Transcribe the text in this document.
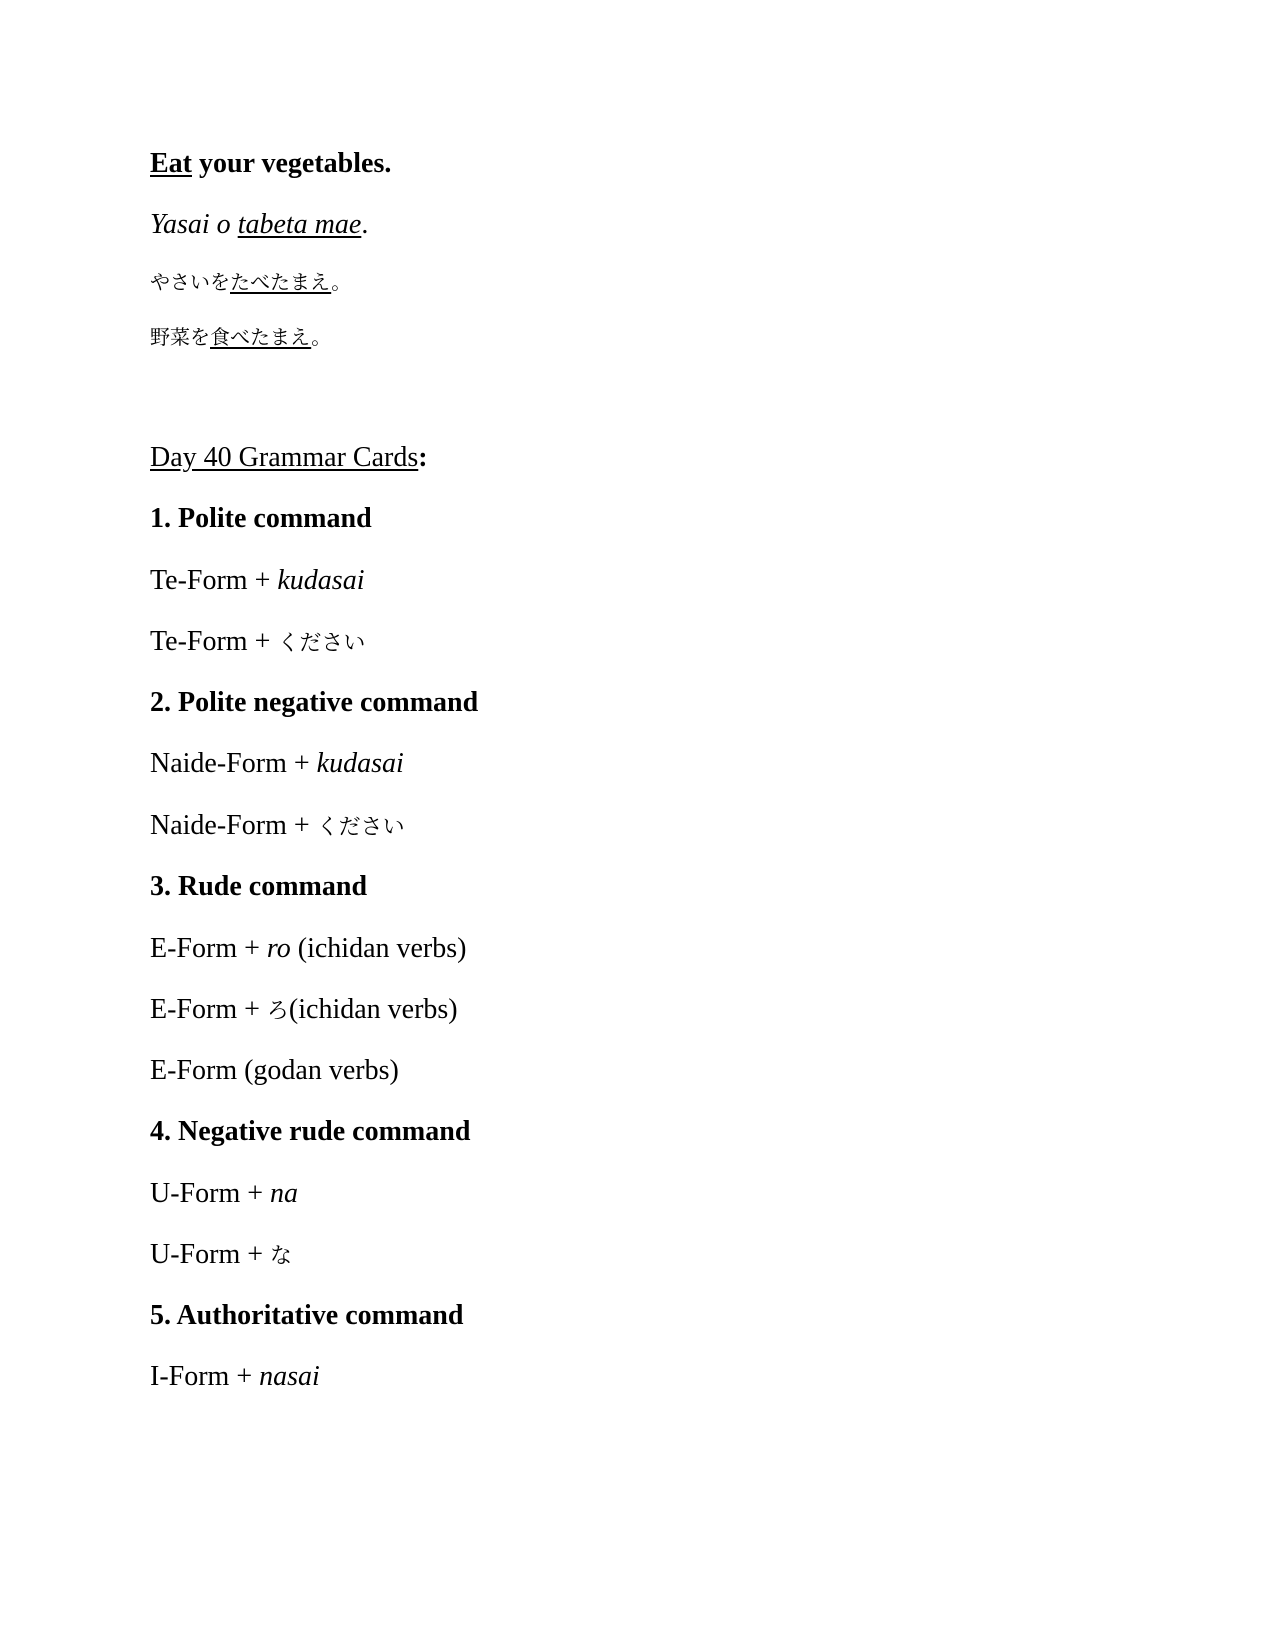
Eat your vegetables.
Yasai o tabeta mae.
やさいをたべたまえ。
野菜を食べたまえ。
Day 40 Grammar Cards:
1. Polite command
Te-Form + kudasai
Te-Form + ください
2. Polite negative command
Naide-Form + kudasai
Naide-Form + ください
3. Rude command
E-Form + ro (ichidan verbs)
E-Form + ろ(ichidan verbs)
E-Form (godan verbs)
4. Negative rude command
U-Form + na
U-Form + な
5. Authoritative command
I-Form + nasai
